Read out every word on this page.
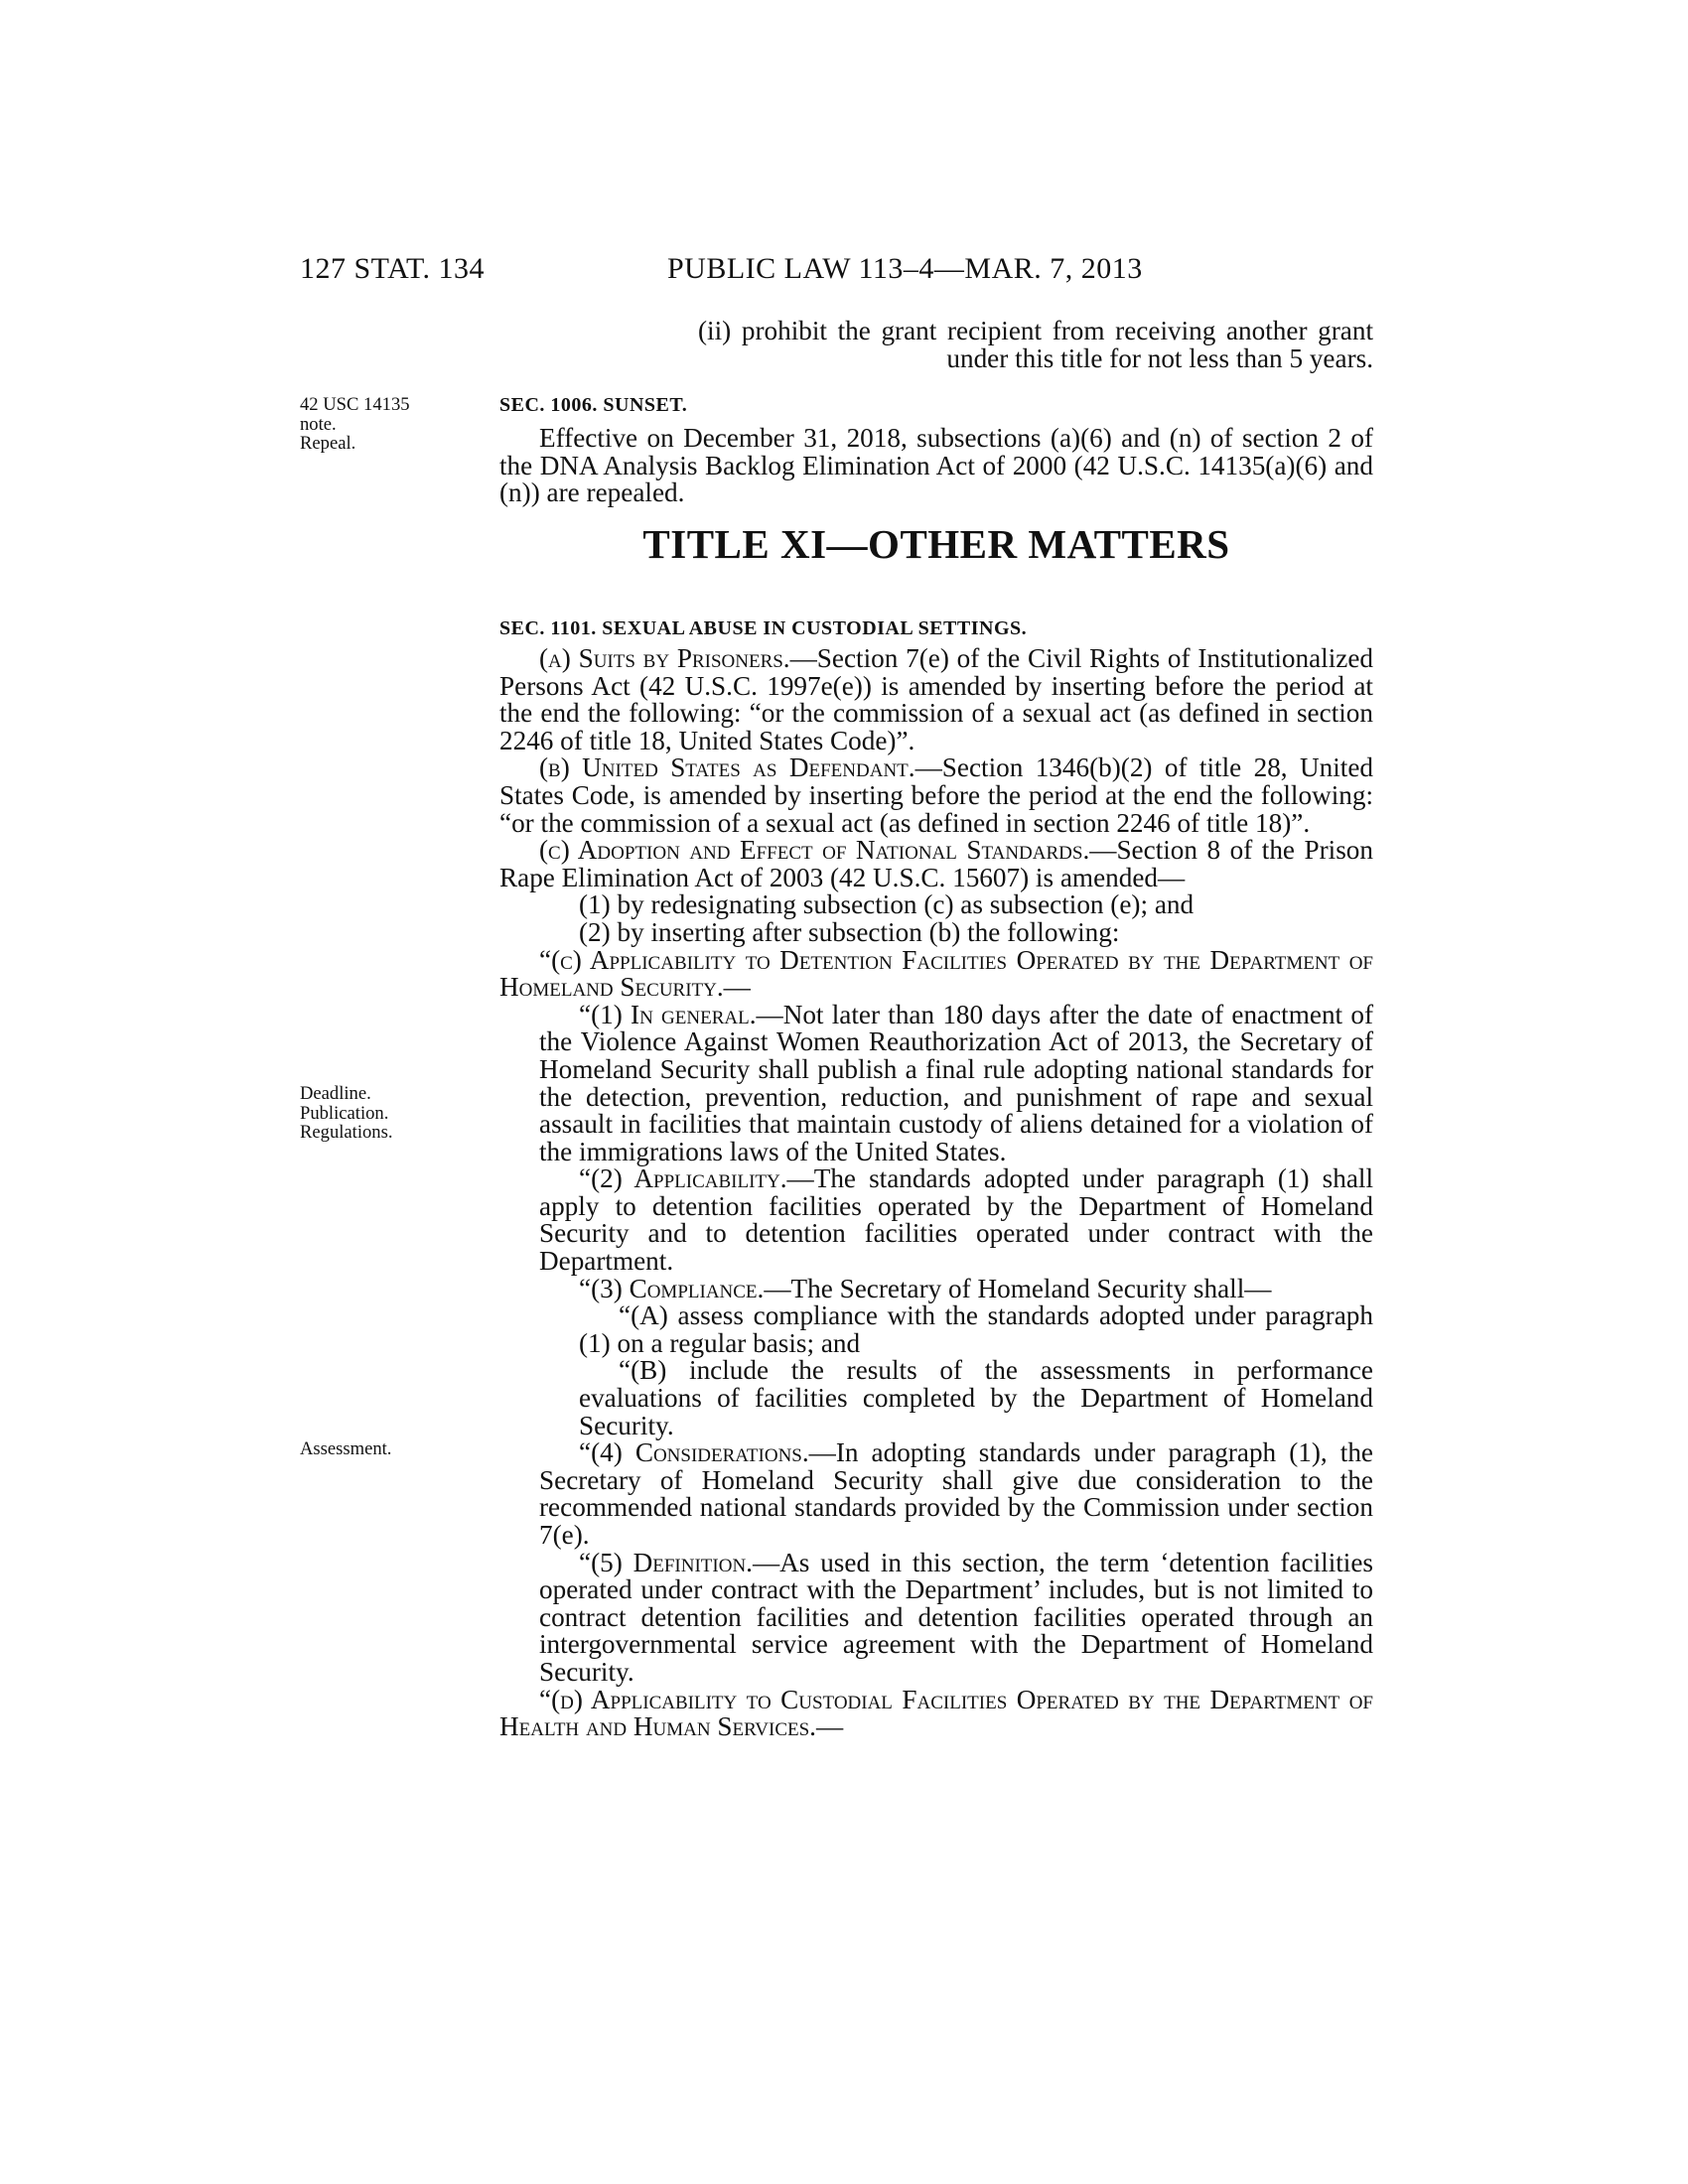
127 STAT. 134	PUBLIC LAW 113–4—MAR. 7, 2013
42 USC 14135
note.
Repeal.
Deadline.
Publication.
Regulations.
Assessment.

(ii) prohibit the grant recipient from receiving another grant under this title for not less than 5 years.

SEC. 1006. SUNSET.

Effective on December 31, 2018, subsections (a)(6) and (n) of section 2 of the DNA Analysis Backlog Elimination Act of 2000 (42 U.S.C. 14135(a)(6) and (n)) are repealed.

TITLE XI—OTHER MATTERS

SEC. 1101. SEXUAL ABUSE IN CUSTODIAL SETTINGS.

(a) Suits by Prisoners.—Section 7(e) of the Civil Rights of Institutionalized Persons Act (42 U.S.C. 1997e(e)) is amended by inserting before the period at the end the following: “or the commission of a sexual act (as defined in section 2246 of title 18, United States Code)”.

(b) United States as Defendant.—Section 1346(b)(2) of title 28, United States Code, is amended by inserting before the period at the end the following: “or the commission of a sexual act (as defined in section 2246 of title 18)”.

(c) Adoption and Effect of National Standards.—Section 8 of the Prison Rape Elimination Act of 2003 (42 U.S.C. 15607) is amended—

(1) by redesignating subsection (c) as subsection (e); and

(2) by inserting after subsection (b) the following:

“(c) Applicability to Detention Facilities Operated by the Department of Homeland Security.—

“(1) In general.—Not later than 180 days after the date of enactment of the Violence Against Women Reauthorization Act of 2013, the Secretary of Homeland Security shall publish a final rule adopting national standards for the detection, prevention, reduction, and punishment of rape and sexual assault in facilities that maintain custody of aliens detained for a violation of the immigrations laws of the United States.

“(2) Applicability.—The standards adopted under paragraph (1) shall apply to detention facilities operated by the Department of Homeland Security and to detention facilities operated under contract with the Department.

“(3) Compliance.—The Secretary of Homeland Security shall—

“(A) assess compliance with the standards adopted under paragraph (1) on a regular basis; and

“(B) include the results of the assessments in performance evaluations of facilities completed by the Department of Homeland Security.

“(4) Considerations.—In adopting standards under paragraph (1), the Secretary of Homeland Security shall give due consideration to the recommended national standards provided by the Commission under section 7(e).

“(5) Definition.—As used in this section, the term ‘detention facilities operated under contract with the Department’ includes, but is not limited to contract detention facilities and detention facilities operated through an intergovernmental service agreement with the Department of Homeland Security.

“(d) Applicability to Custodial Facilities Operated by the Department of Health and Human Services.—
